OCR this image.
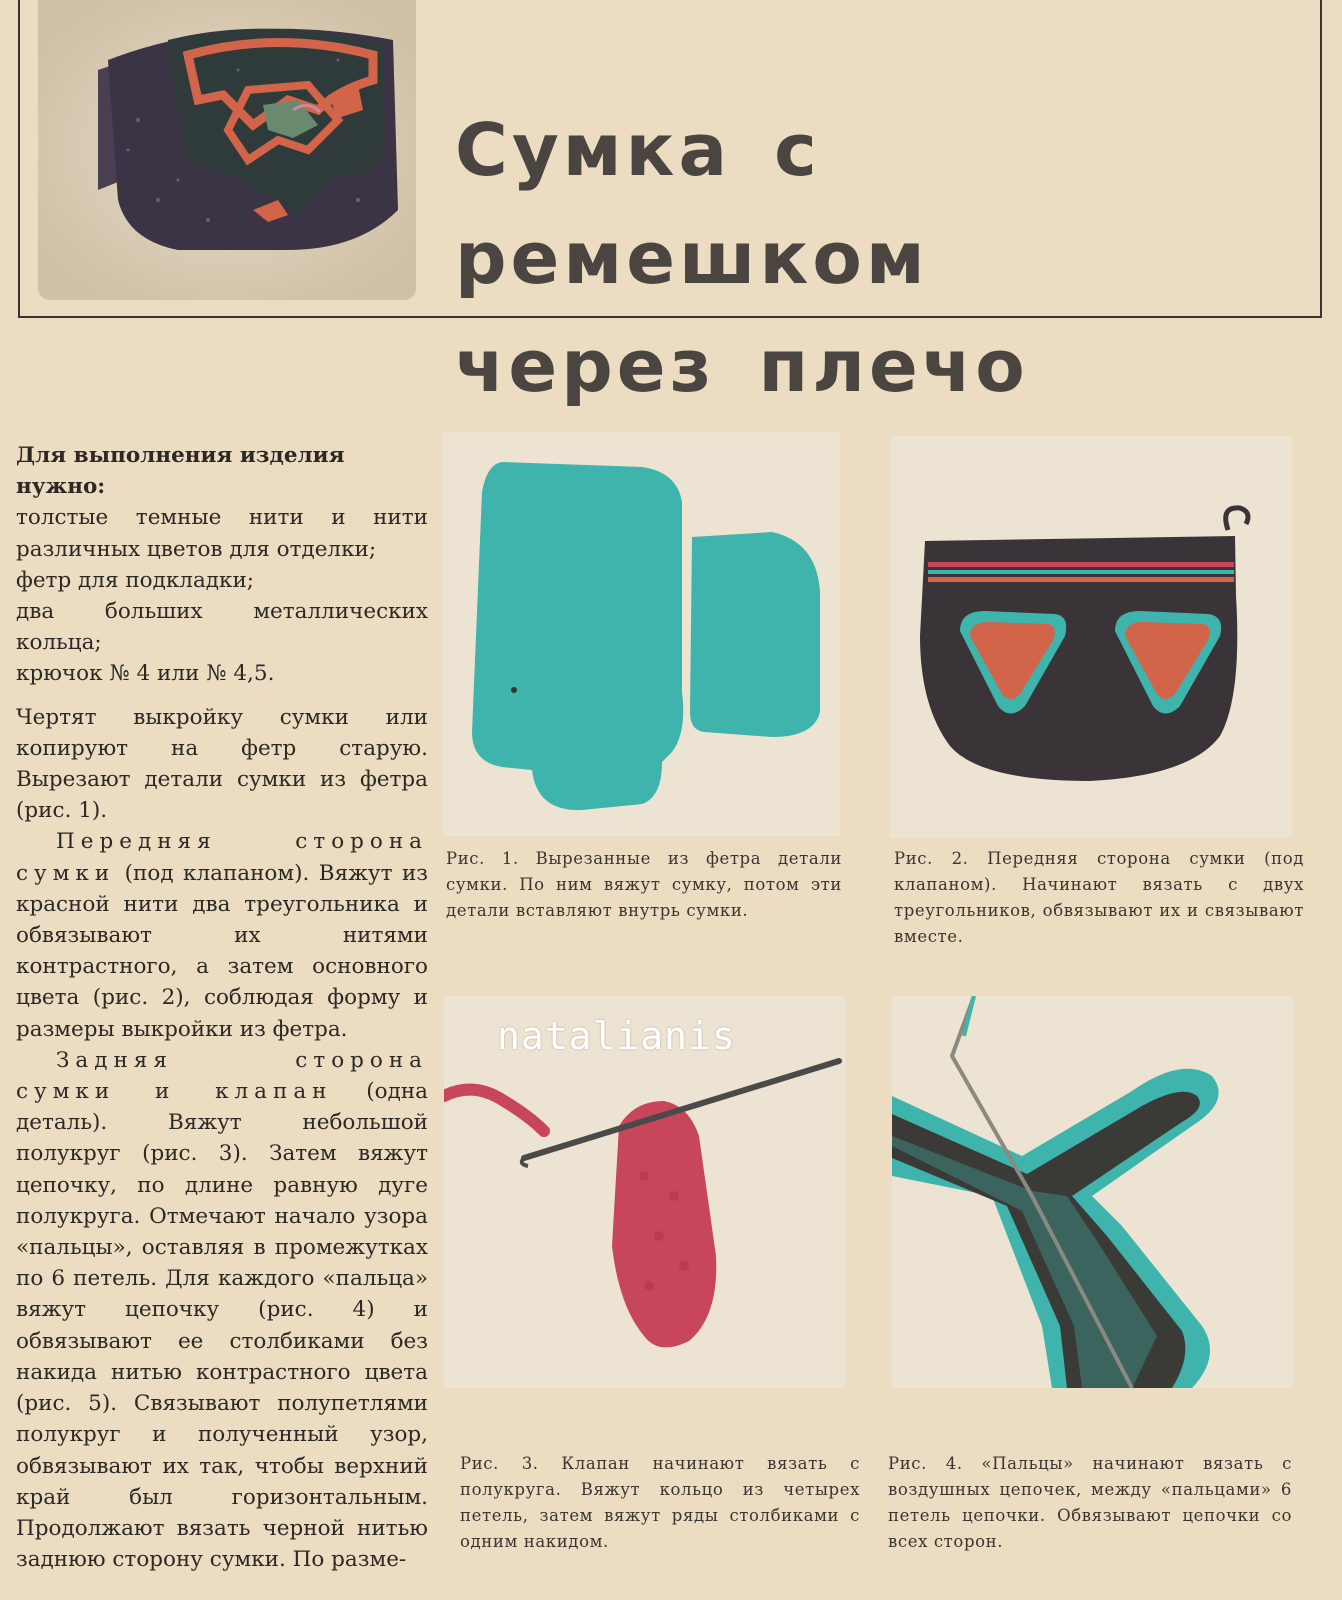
Сумка с ремешком
через плечо

Для выполнения изделия нужно:

толстые темные нити и нити различных цветов для отделки;

фетр для подкладки;

два больших металлических кольца;

крючок № 4 или № 4,5.

Чертят выкройку сумки или копируют на фетр старую. Вырезают детали сумки из фетра (рис. 1).

Передняя сторона сумки (под клапаном). Вяжут из красной нити два треугольника и обвязывают их нитями контрастного, а затем основного цвета (рис. 2), соблюдая форму и размеры выкройки из фетра.

Задняя сторона сумки и клапан (одна деталь). Вяжут небольшой полукруг (рис. 3). Затем вяжут цепочку, по длине равную дуге полукруга. Отмечают начало узора «пальцы», оставляя в промежутках по 6 петель. Для каждого «пальца» вяжут цепочку (рис. 4) и обвязывают ее столбиками без накида нитью контрастного цвета (рис. 5). Связывают полупетлями полукруг и полученный узор, обвязывают их так, чтобы верхний край был горизонтальным. Продолжают вязать черной нитью заднюю сторону сумки. По разме-

Рис. 1. Вырезанные из фетра детали сумки. По ним вяжут сумку, потом эти детали вставляют внутрь сумки.

Рис. 2. Передняя сторона сумки (под клапаном). Начинают вязать с двух треугольников, обвязывают их и связывают вместе.

natalianis

Рис. 3. Клапан начинают вязать с полукруга. Вяжут кольцо из четырех петель, затем вяжут ряды столбиками с одним накидом.

Рис. 4. «Пальцы» начинают вязать с воздушных цепочек, между «пальцами» 6 петель цепочки. Обвязывают цепочки со всех сторон.
